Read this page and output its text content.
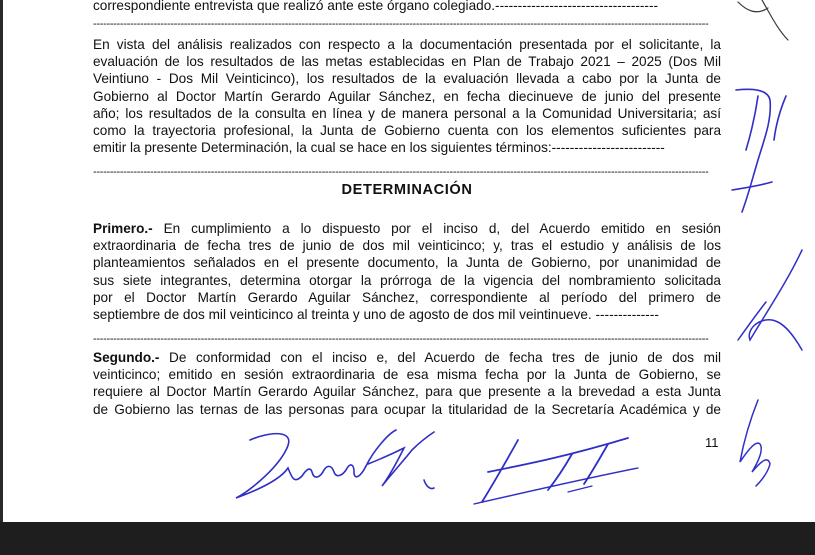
correspondiente entrevista que realizó ante este órgano colegiado.------------------------------------
---------------------------------------------------------------------------------------------------------------------------------------------------------------------------------------
En vista del análisis realizados con respecto a la documentación presentada por el solicitante, la
evaluación de los resultados de las metas establecidas en Plan de Trabajo 2021 – 2025 (Dos Mil
Veintiuno - Dos Mil Veinticinco), los resultados de la evaluación llevada a cabo por la Junta de
Gobierno al Doctor Martín Gerardo Aguilar Sánchez, en fecha diecinueve de junio del presente
año; los resultados de la consulta en línea y de manera personal a la Comunidad Universitaria; así
como la trayectoria profesional, la Junta de Gobierno cuenta con los elementos suficientes para
emitir la presente Determinación, la cual se hace en los siguientes términos:-------------------------
---------------------------------------------------------------------------------------------------------------------------------------------------------------------------------------
DETERMINACIÓN
Primero.- En cumplimiento a lo dispuesto por el inciso d, del Acuerdo emitido en sesión
extraordinaria de fecha tres de junio de dos mil veinticinco; y, tras el estudio y análisis de los
planteamientos señalados en el presente documento, la Junta de Gobierno, por unanimidad de
sus siete integrantes, determina otorgar la prórroga de la vigencia del nombramiento solicitada
por el Doctor Martín Gerardo Aguilar Sánchez, correspondiente al período del primero de
septiembre de dos mil veinticinco al treinta y uno de agosto de dos mil veintinueve. --------------
---------------------------------------------------------------------------------------------------------------------------------------------------------------------------------------
Segundo.- De conformidad con el inciso e, del Acuerdo de fecha tres de junio de dos mil
veinticinco; emitido en sesión extraordinaria de esa misma fecha por la Junta de Gobierno, se
requiere al Doctor Martín Gerardo Aguilar Sánchez, para que presente a la brevedad a esta Junta
de Gobierno las ternas de las personas para ocupar la titularidad de la Secretaría Académica y de
11
